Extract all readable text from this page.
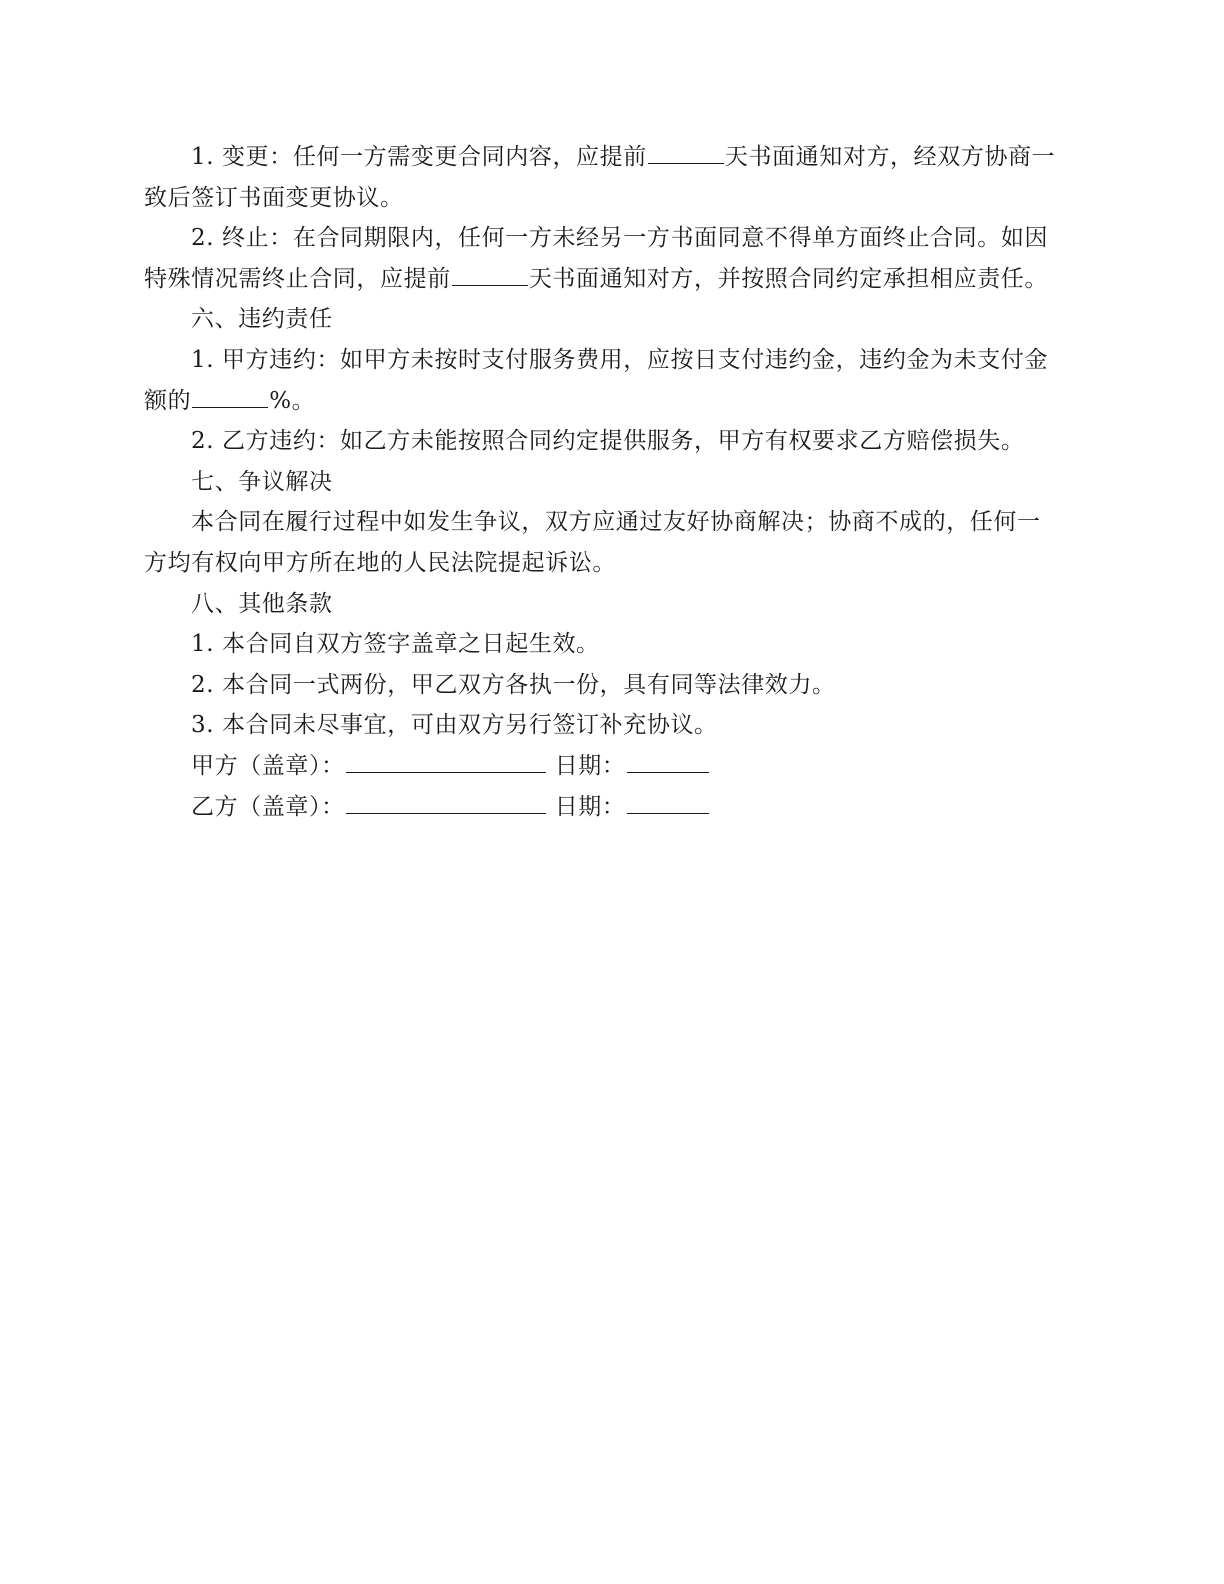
1. 变更：任何一方需变更合同内容，应提前	天书面通知对方，经双方协商一致后签订书面变更协议。

2. 终止：在合同期限内，任何一方未经另一方书面同意不得单方面终止合同。如因特殊情况需终止合同，应提前	天书面通知对方，并按照合同约定承担相应责任。

六、违约责任

1. 甲方违约：如甲方未按时支付服务费用，应按日支付违约金，违约金为未支付金额的	%。

2. 乙方违约：如乙方未能按照合同约定提供服务，甲方有权要求乙方赔偿损失。

七、争议解决

本合同在履行过程中如发生争议，双方应通过友好协商解决；协商不成的，任何一方均有权向甲方所在地的人民法院提起诉讼。

八、其他条款

1. 本合同自双方签字盖章之日起生效。

2. 本合同一式两份，甲乙双方各执一份，具有同等法律效力。

3. 本合同未尽事宜，可由双方另行签订补充协议。

甲方（盖章）：	日期：

乙方（盖章）：	日期：
